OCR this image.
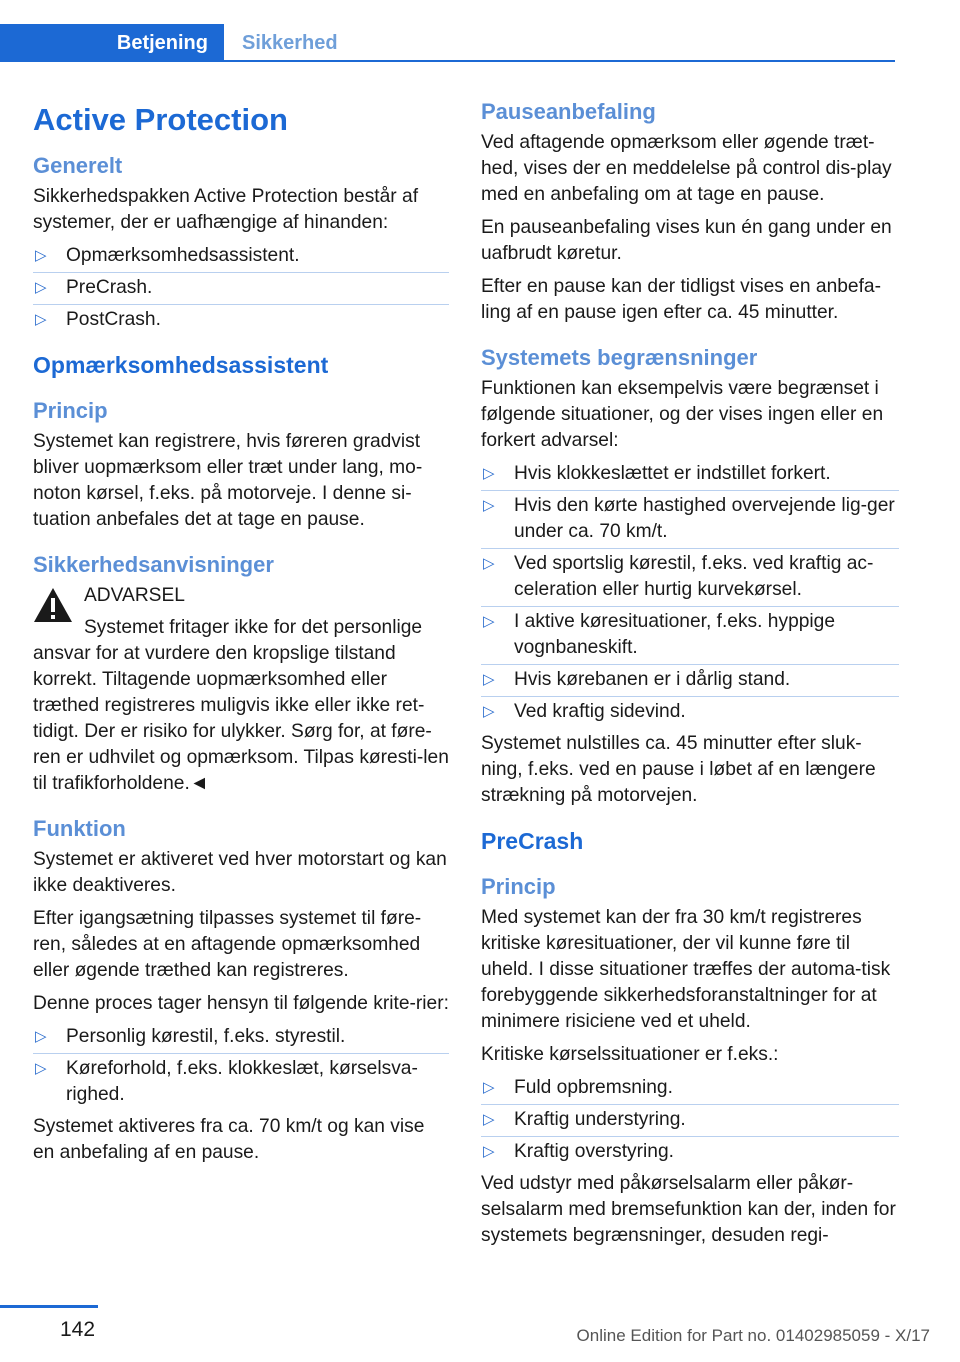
Betjening	Sikkerhed
Active Protection
Generelt

Sikkerhedspakken Active Protection består af systemer, der er uafhængige af hinanden:

▷ Opmærksomhedsassistent.
▷ PreCrash.
▷ PostCrash.
Opmærksomhedsassistent
Princip

Systemet kan registrere, hvis føreren gradvist bliver uopmærksom eller træt under lang, mo-noton kørsel, f.eks. på motorveje. I denne si-tuation anbefales det at tage en pause.

Sikkerhedsanvisninger
ADVARSEL

Systemet fritager ikke for det personlige
ansvar for at vurdere den kropslige tilstand korrekt. Tiltagende uopmærksomhed eller træthed registreres muligvis ikke eller ikke ret-tidigt. Der er risiko for ulykker. Sørg for, at føre-ren er udhvilet og opmærksom. Tilpas køresti-len til trafikforholdene.◄

Funktion

Systemet er aktiveret ved hver motorstart og kan ikke deaktiveres.

Efter igangsætning tilpasses systemet til føre-ren, således at en aftagende opmærksomhed eller øgende træthed kan registreres.

Denne proces tager hensyn til følgende krite-rier:

▷ Personlig kørestil, f.eks. styrestil.
▷ Køreforhold, f.eks. klokkeslæt, kørselsva-righed.

Systemet aktiveres fra ca. 70 km/t og kan vise en anbefaling af en pause.

Pauseanbefaling

Ved aftagende opmærksom eller øgende træt-hed, vises der en meddelelse på control dis-play med en anbefaling om at tage en pause.

En pauseanbefaling vises kun én gang under en uafbrudt køretur.

Efter en pause kan der tidligst vises en anbefa-ling af en pause igen efter ca. 45 minutter.

Systemets begrænsninger

Funktionen kan eksempelvis være begrænset i følgende situationer, og der vises ingen eller en forkert advarsel:

▷ Hvis klokkeslættet er indstillet forkert.
▷ Hvis den kørte hastighed overvejende lig-ger under ca. 70 km/t.
▷ Ved sportslig kørestil, f.eks. ved kraftig ac-celeration eller hurtig kurvekørsel.
▷ I aktive køresituationer, f.eks. hyppige vognbaneskift.
▷ Hvis kørebanen er i dårlig stand.
▷ Ved kraftig sidevind.

Systemet nulstilles ca. 45 minutter efter sluk-ning, f.eks. ved en pause i løbet af en længere strækning på motorvejen.

PreCrash
Princip

Med systemet kan der fra 30 km/t registreres kritiske køresituationer, der vil kunne føre til uheld. I disse situationer træffes der automa-tisk forebyggende sikkerhedsforanstaltninger for at minimere risiciene ved et uheld.

Kritiske kørselssituationer er f.eks.:

▷ Fuld opbremsning.
▷ Kraftig understyring.
▷ Kraftig overstyring.

Ved udstyr med påkørselsalarm eller påkør-selsalarm med bremsefunktion kan der, inden for systemets begrænsninger, desuden regi-

142	Online Edition for Part no. 01402985059 - X/17
